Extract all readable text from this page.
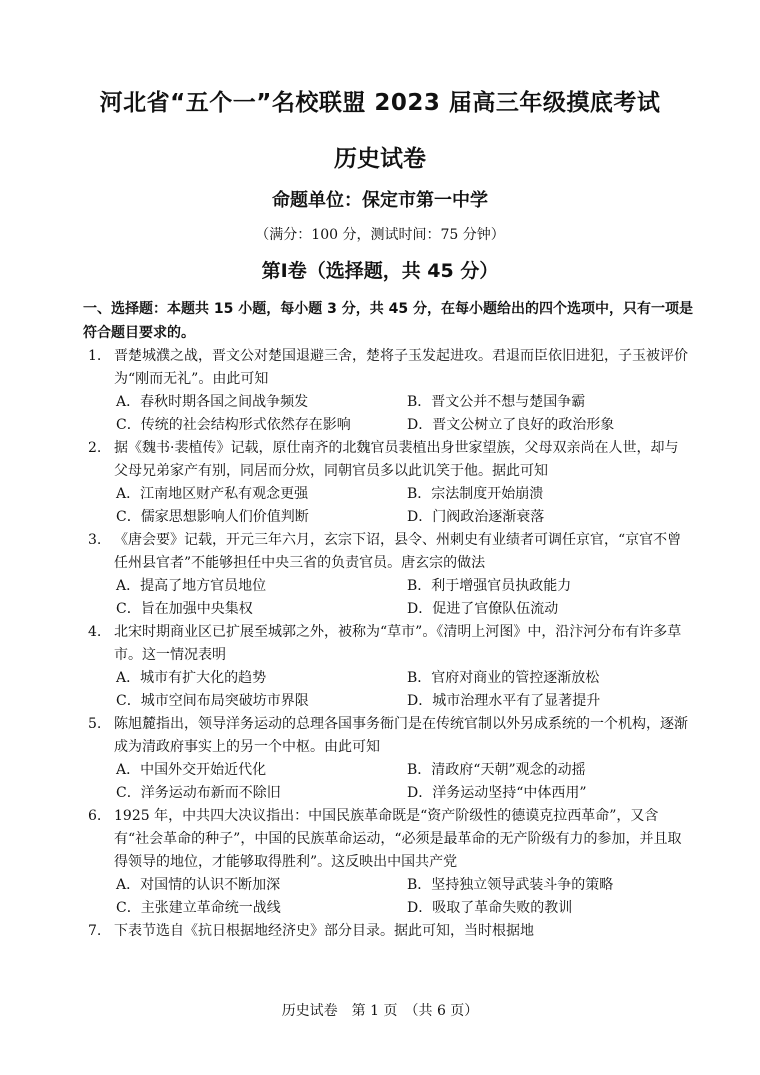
河北省“五个一”名校联盟 2023 届高三年级摸底考试
历史试卷
命题单位：保定市第一中学
（满分：100 分，测试时间：75 分钟）
第Ⅰ卷（选择题，共 45 分）
一、选择题：本题共 15 小题，每小题 3 分，共 45 分，在每小题给出的四个选项中，只有一项是符合题目要求的。
1. 晋楚城濮之战，晋文公对楚国退避三舍，楚将子玉发起进攻。君退而臣依旧进犯，子玉被评价为“刚而无礼”。由此可知
A．春秋时期各国之间战争频发	B．晋文公并不想与楚国争霸
C．传统的社会结构形式依然存在影响	D．晋文公树立了良好的政治形象
2. 据《魏书·裴植传》记载，原仕南齐的北魏官员裴植出身世家望族，父母双亲尚在人世，却与父母兄弟家产有别，同居而分炊，同朝官员多以此讥笑于他。据此可知
A．江南地区财产私有观念更强	B．宗法制度开始崩溃
C．儒家思想影响人们价值判断	D．门阀政治逐渐衰落
3. 《唐会要》记载，开元三年六月，玄宗下诏，县令、州刺史有业绩者可调任京官，“京官不曾任州县官者”不能够担任中央三省的负责官员。唐玄宗的做法
A．提高了地方官员地位	B．利于增强官员执政能力
C．旨在加强中央集权	D．促进了官僚队伍流动
4. 北宋时期商业区已扩展至城郭之外，被称为“草市”。《清明上河图》中，沿汴河分布有许多草市。这一情况表明
A．城市有扩大化的趋势	B．官府对商业的管控逐渐放松
C．城市空间布局突破坊市界限	D．城市治理水平有了显著提升
5. 陈旭麓指出，领导洋务运动的总理各国事务衙门是在传统官制以外另成系统的一个机构，逐渐成为清政府事实上的另一个中枢。由此可知
A．中国外交开始近代化	B．清政府“天朝”观念的动摇
C．洋务运动布新而不除旧	D．洋务运动坚持“中体西用”
6. 1925 年，中共四大决议指出：中国民族革命既是“资产阶级性的德谟克拉西革命”，又含有“社会革命的种子”，中国的民族革命运动，“必须是最革命的无产阶级有力的参加，并且取得领导的地位，才能够取得胜利”。这反映出中国共产党
A．对国情的认识不断加深	B．坚持独立领导武装斗争的策略
C．主张建立革命统一战线	D．吸取了革命失败的教训
7. 下表节选自《抗日根据地经济史》部分目录。据此可知，当时根据地
历史试卷　第 1 页　（共 6 页）
